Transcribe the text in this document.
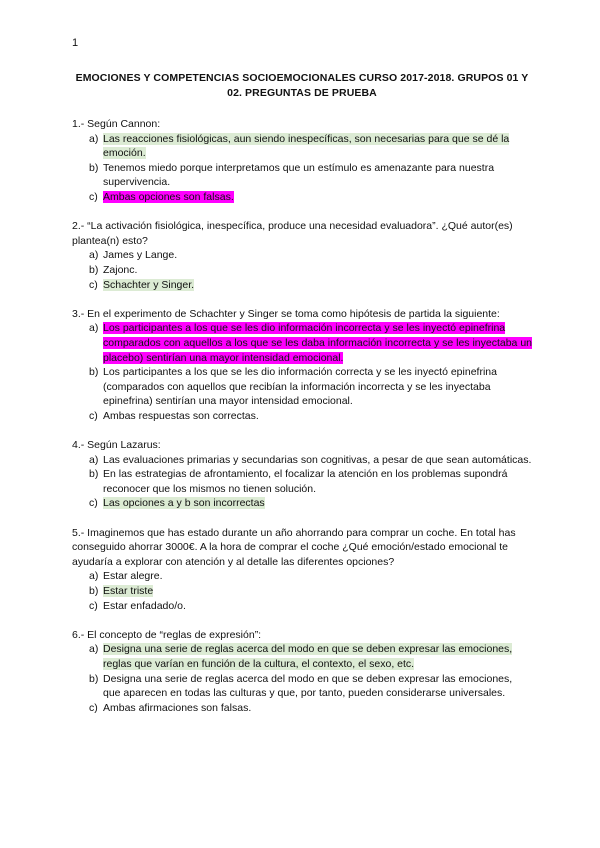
1
EMOCIONES Y COMPETENCIAS SOCIOEMOCIONALES CURSO 2017-2018. GRUPOS 01 Y 02. PREGUNTAS DE PRUEBA

1.- Según Cannon:

a) Las reacciones fisiológicas, aun siendo inespecíficas, son necesarias para que se dé la emoción.
b) Tenemos miedo porque interpretamos que un estímulo es amenazante para nuestra supervivencia.
c) Ambas opciones son falsas.

2.- “La activación fisiológica, inespecífica, produce una necesidad evaluadora”. ¿Qué autor(es) plantea(n) esto?

a) James y Lange.
b) Zajonc.
c) Schachter y Singer.

3.- En el experimento de Schachter y Singer se toma como hipótesis de partida la siguiente:

a) Los participantes a los que se les dio información incorrecta y se les inyectó epinefrina comparados con aquellos a los que se les daba información incorrecta y se les inyectaba un placebo) sentirían una mayor intensidad emocional.
b) Los participantes a los que se les dio información correcta y se les inyectó epinefrina (comparados con aquellos que recibían la información incorrecta y se les inyectaba epinefrina) sentirían una mayor intensidad emocional.
c) Ambas respuestas son correctas.

4.- Según Lazarus:

a) Las evaluaciones primarias y secundarias son cognitivas, a pesar de que sean automáticas.
b) En las estrategias de afrontamiento, el focalizar la atención en los problemas supondrá reconocer que los mismos no tienen solución.
c) Las opciones a y b son incorrectas

5.- Imaginemos que has estado durante un año ahorrando para comprar un coche. En total has conseguido ahorrar 3000€. A la hora de comprar el coche ¿Qué emoción/estado emocional te ayudaría a explorar con atención y al detalle las diferentes opciones?

a) Estar alegre.
b) Estar triste
c) Estar enfadado/o.

6.- El concepto de “reglas de expresión”:

a) Designa una serie de reglas acerca del modo en que se deben expresar las emociones, reglas que varían en función de la cultura, el contexto, el sexo, etc.
b) Designa una serie de reglas acerca del modo en que se deben expresar las emociones, que aparecen en todas las culturas y que, por tanto, pueden considerarse universales.
c) Ambas afirmaciones son falsas.
